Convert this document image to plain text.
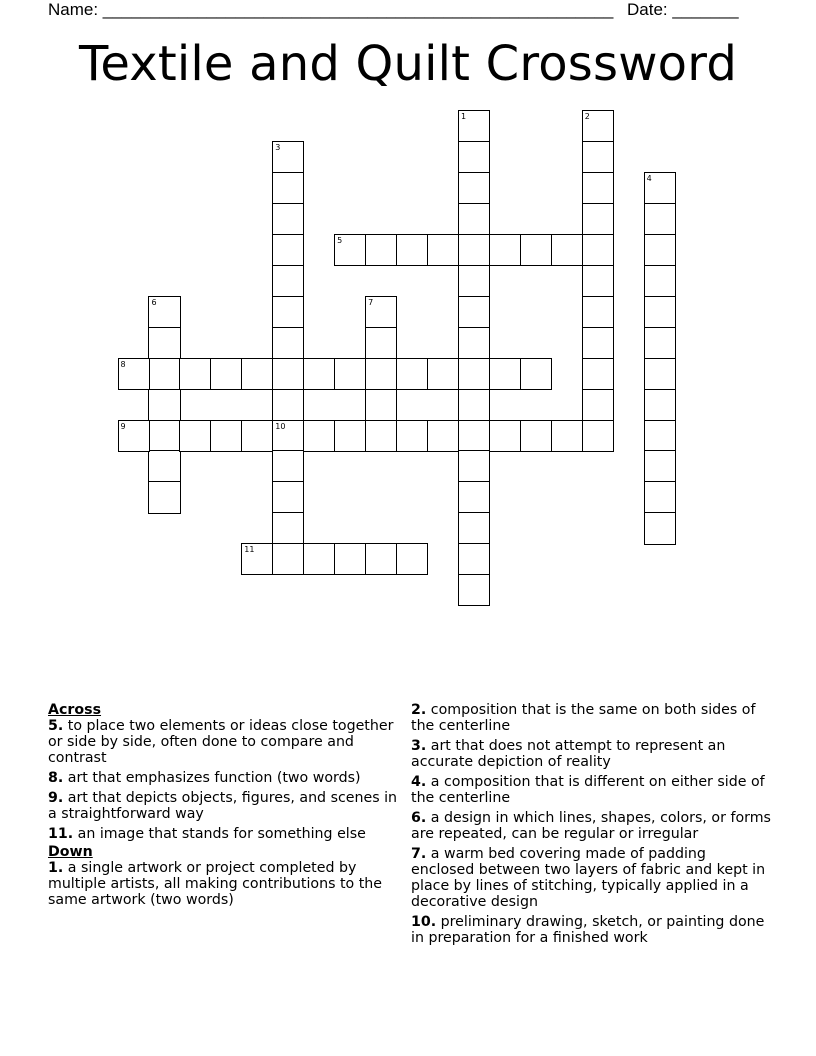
Name: ______________________________________________________ Date: _______
Textile and Quilt Crossword
1	2
3
10
4
5
6	7
8
9
11

Across

5. to place two elements or ideas close together or side by side, often done to compare and contrast

8. art that emphasizes function (two words)

9. art that depicts objects, figures, and scenes in a straightforward way

11. an image that stands for something else

Down

1. a single artwork or project completed by multiple artists, all making contributions to the same artwork (two words)

2. composition that is the same on both sides of the centerline

3. art that does not attempt to represent an accurate depiction of reality

4. a composition that is different on either side of the centerline

6. a design in which lines, shapes, colors, or forms are repeated, can be regular or irregular

7. a warm bed covering made of padding enclosed between two layers of fabric and kept in place by lines of stitching, typically applied in a decorative design

10. preliminary drawing, sketch, or painting done in preparation for a finished work
